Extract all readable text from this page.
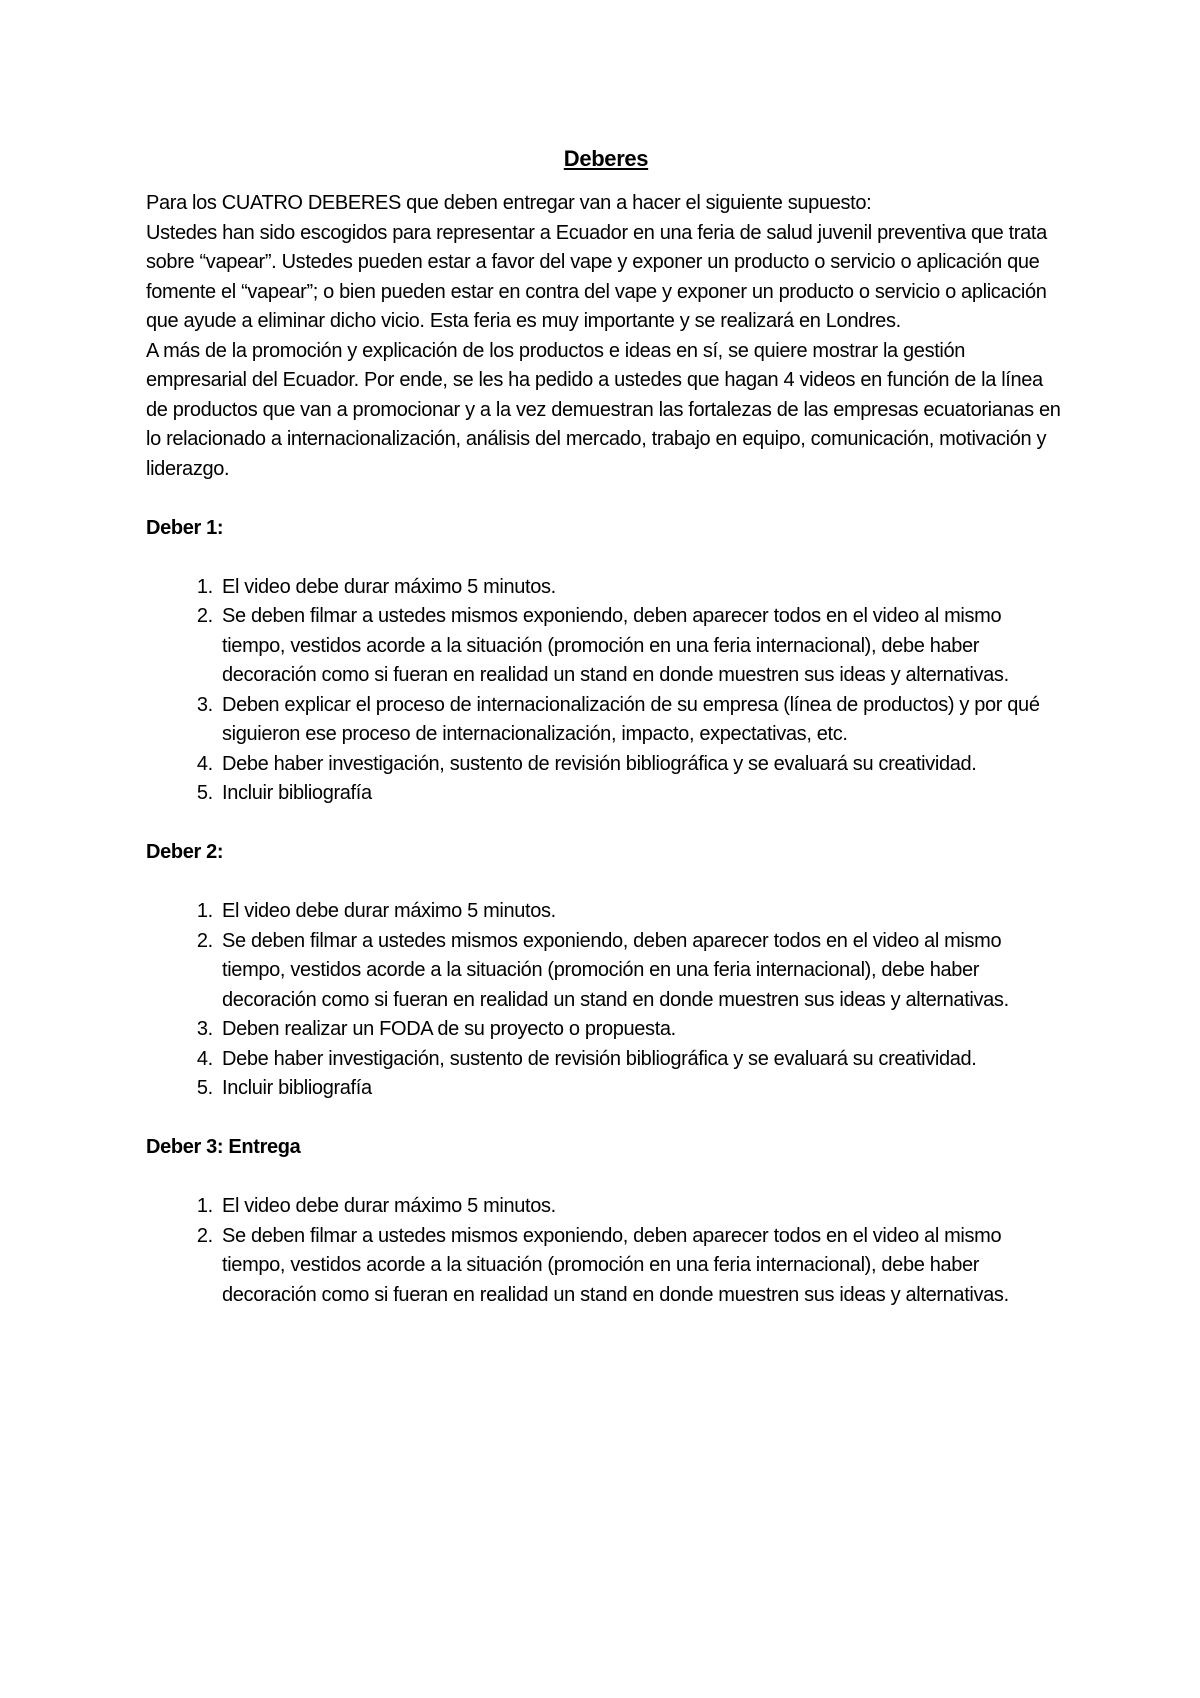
Deberes

Para los CUATRO DEBERES que deben entregar van a hacer el siguiente supuesto:

Ustedes han sido escogidos para representar a Ecuador en una feria de salud juvenil preventiva que trata sobre “vapear”. Ustedes pueden estar a favor del vape y exponer un producto o servicio o aplicación que fomente el “vapear”; o bien pueden estar en contra del vape y exponer un producto o servicio o aplicación que ayude a eliminar dicho vicio. Esta feria es muy importante y se realizará en Londres.

A más de la promoción y explicación de los productos e ideas en sí, se quiere mostrar la gestión empresarial del Ecuador. Por ende, se les ha pedido a ustedes que hagan 4 videos en función de la línea de productos que van a promocionar y a la vez demuestran las fortalezas de las empresas ecuatorianas en lo relacionado a internacionalización, análisis del mercado, trabajo en equipo, comunicación, motivación y liderazgo.

Deber 1:
1. El video debe durar máximo 5 minutos.
2. Se deben filmar a ustedes mismos exponiendo, deben aparecer todos en el video al mismo tiempo, vestidos acorde a la situación (promoción en una feria internacional), debe haber decoración como si fueran en realidad un stand en donde muestren sus ideas y alternativas.
3. Deben explicar el proceso de internacionalización de su empresa (línea de productos) y por qué siguieron ese proceso de internacionalización, impacto, expectativas, etc.
4. Debe haber investigación, sustento de revisión bibliográfica y se evaluará su creatividad.
5. Incluir bibliografía
Deber 2:
1. El video debe durar máximo 5 minutos.
2. Se deben filmar a ustedes mismos exponiendo, deben aparecer todos en el video al mismo tiempo, vestidos acorde a la situación (promoción en una feria internacional), debe haber decoración como si fueran en realidad un stand en donde muestren sus ideas y alternativas.
3. Deben realizar un FODA de su proyecto o propuesta.
4. Debe haber investigación, sustento de revisión bibliográfica y se evaluará su creatividad.
5. Incluir bibliografía
Deber 3: Entrega
1. El video debe durar máximo 5 minutos.
2. Se deben filmar a ustedes mismos exponiendo, deben aparecer todos en el video al mismo tiempo, vestidos acorde a la situación (promoción en una feria internacional), debe haber decoración como si fueran en realidad un stand en donde muestren sus ideas y alternativas.
